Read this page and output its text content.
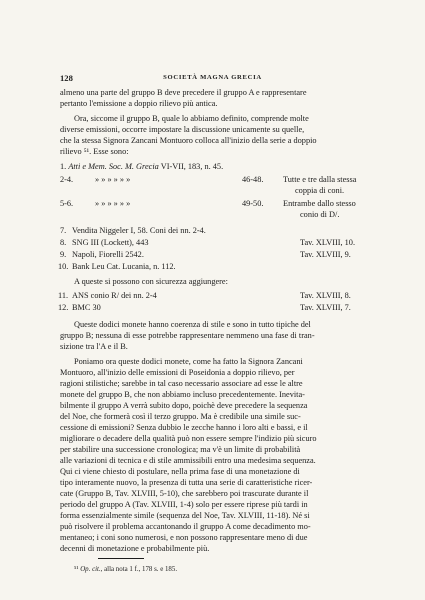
128	SOCIETÀ MAGNA GRECIA
almeno una parte del gruppo B deve precedere il gruppo A e rappresentare
pertanto l'emissione a doppio rilievo più antica.
Ora, siccome il gruppo B, quale lo abbiamo definito, comprende molte
diverse emissioni, occorre impostare la discussione unicamente su quelle,
che la stessa Signora Zancani Montuoro colloca all'inizio della serie a doppio
rilievo ⁵¹. Esse sono:
1. Atti e Mem. Soc. M. Grecia VI-VII, 183, n. 45.
2-4.	» » » » » »	46-48. Tutte e tre dalla stessa
coppia di coni.
5-6.	» » » » » »	49-50. Entrambe dallo stesso
conio di D/.
7. Vendita Niggeler I, 58. Coni dei nn. 2-4.
8. SNG III (Lockett), 443	Tav. XLVIII, 10.
9. Napoli, Fiorelli 2542.	Tav. XLVIII, 9.
10. Bank Leu Cat. Lucania, n. 112.
A queste si possono con sicurezza aggiungere:
11. ANS conio R/ dei nn. 2-4	Tav. XLVIII, 8.
12. BMC 30	Tav. XLVIII, 7.
Queste dodici monete hanno coerenza di stile e sono in tutto tipiche del
gruppo B; nessuna di esse potrebbe rappresentare nemmeno una fase di tran-
sizione tra l'A e il B.
Poniamo ora queste dodici monete, come ha fatto la Signora Zancani
Montuoro, all'inizio delle emissioni di Poseidonia a doppio rilievo, per
ragioni stilistiche; sarebbe in tal caso necessario associare ad esse le altre
monete del gruppo B, che non abbiamo incluso precedentemente. Inevita-
bilmente il gruppo A verrà subito dopo, poichè deve precedere la sequenza
del Noe, che formerà così il terzo gruppo. Ma è credibile una simile suc-
cessione di emissioni? Senza dubbio le zecche hanno i loro alti e bassi, e il
migliorare o decadere della qualità può non essere sempre l'indizio più sicuro
per stabilire una successione cronologica; ma v'è un limite di probabilità
alle variazioni di tecnica e di stile ammissibili entro una medesima sequenza.
Qui ci viene chiesto di postulare, nella prima fase di una monetazione di
tipo interamente nuovo, la presenza di tutta una serie di caratteristiche ricer-
cate (Gruppo B, Tav. XLVIII, 5-10), che sarebbero poi trascurate durante il
periodo del gruppo A (Tav. XLVIII, 1-4) solo per essere riprese più tardi in
forma essenzialmente simile (sequenza del Noe, Tav. XLVIII, 11-18). Né si
può risolvere il problema accantonando il gruppo A come decadimento mo-
mentaneo; i coni sono numerosi, e non possono rappresentare meno di due
decenni di monetazione e probabilmente più.
⁵¹ Op. cit., alla nota 1 f., 178 s. e 185.
